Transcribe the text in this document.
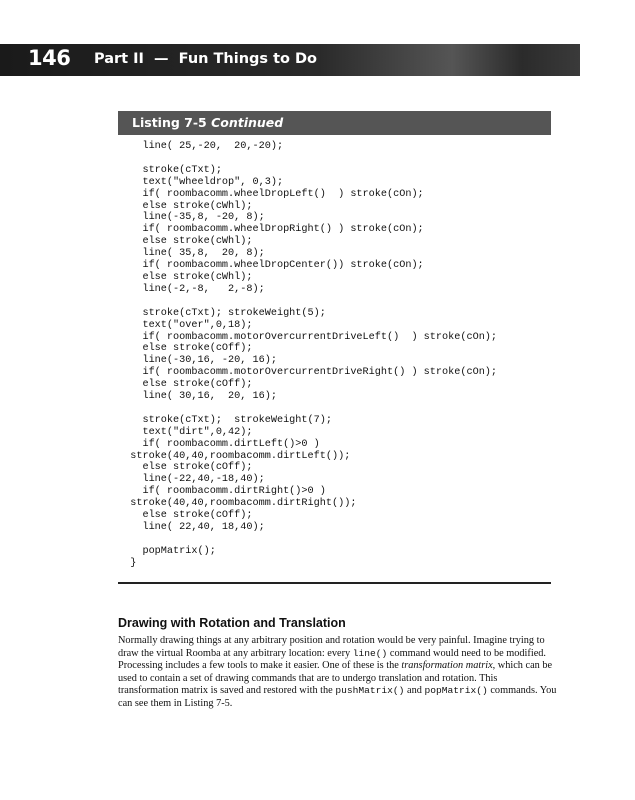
146 Part II  —  Fun Things to Do
Listing 7-5 Continued
line( 25,-20,  20,-20);

stroke(cTxt);
text("wheeldrop", 0,3);
if( roombacomm.wheelDropLeft()  ) stroke(cOn);
else stroke(cWhl);
line(-35,8, -20, 8);
if( roombacomm.wheelDropRight() ) stroke(cOn);
else stroke(cWhl);
line( 35,8,  20, 8);
if( roombacomm.wheelDropCenter()) stroke(cOn);
else stroke(cWhl);
line(-2,-8,   2,-8);

stroke(cTxt); strokeWeight(5);
text("over",0,18);
if( roombacomm.motorOvercurrentDriveLeft()  ) stroke(cOn);
else stroke(cOff);
line(-30,16, -20, 16);
if( roombacomm.motorOvercurrentDriveRight() ) stroke(cOn);
else stroke(cOff);
line( 30,16,  20, 16);

stroke(cTxt);  strokeWeight(7);
text("dirt",0,42);
if( roombacomm.dirtLeft()>0 )
stroke(40,40,roombacomm.dirtLeft());
else stroke(cOff);
line(-22,40,-18,40);
if( roombacomm.dirtRight()>0 )
stroke(40,40,roombacomm.dirtRight());
else stroke(cOff);
line( 22,40, 18,40);

popMatrix();
}
Drawing with Rotation and Translation
Normally drawing things at any arbitrary position and rotation would be very painful. Imagine trying to draw the virtual Roomba at any arbitrary location: every line() command would need to be modified. Processing includes a few tools to make it easier. One of these is the transformation matrix, which can be used to contain a set of drawing commands that are to undergo translation and rotation. This transformation matrix is saved and restored with the pushMatrix() and popMatrix() commands. You can see them in Listing 7-5.
